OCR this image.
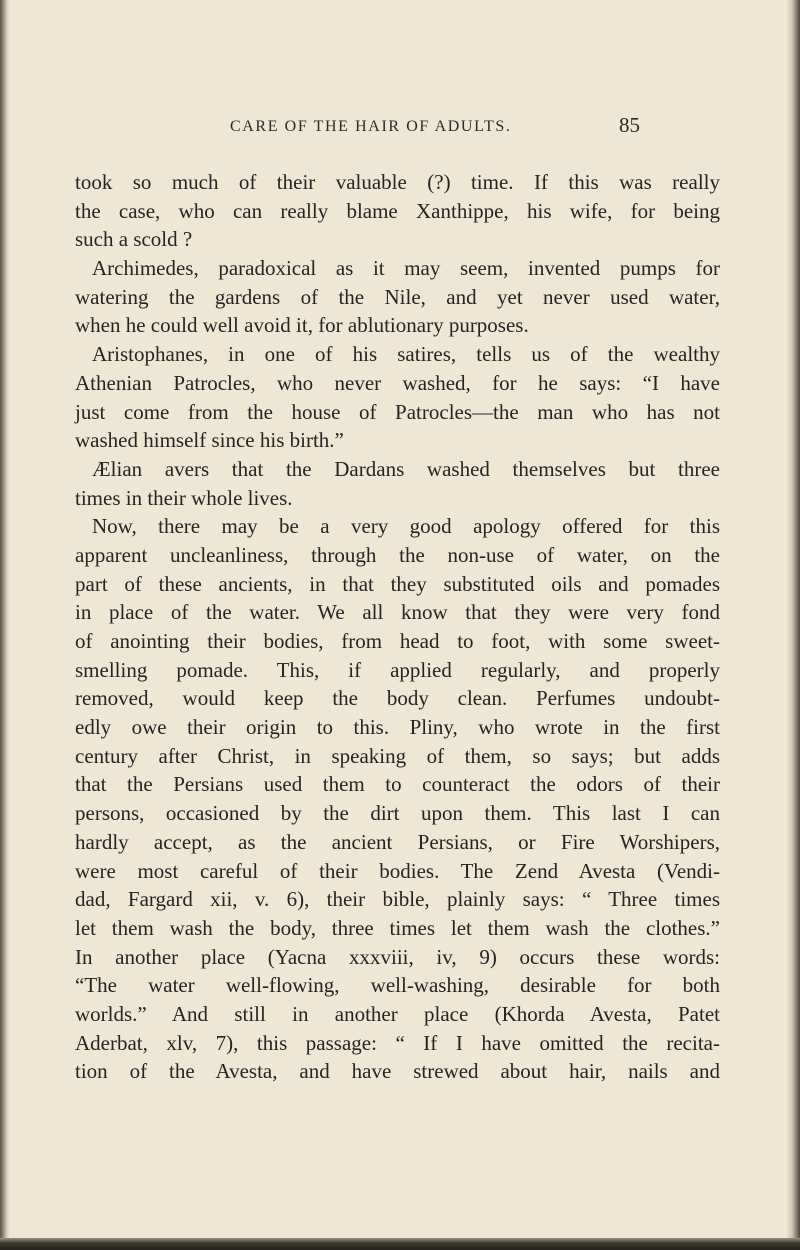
CARE OF THE HAIR OF ADULTS.	85
took so much of their valuable (?) time. If this was really
the case, who can really blame Xanthippe, his wife, for being
such a scold ?
Archimedes, paradoxical as it may seem, invented pumps for
watering the gardens of the Nile, and yet never used water,
when he could well avoid it, for ablutionary purposes.
Aristophanes, in one of his satires, tells us of the wealthy
Athenian Patrocles, who never washed, for he says: “I have
just come from the house of Patrocles—the man who has not
washed himself since his birth.”
Ælian avers that the Dardans washed themselves but three
times in their whole lives.
Now, there may be a very good apology offered for this
apparent uncleanliness, through the non-use of water, on the
part of these ancients, in that they substituted oils and pomades
in place of the water. We all know that they were very fond
of anointing their bodies, from head to foot, with some sweet-
smelling pomade. This, if applied regularly, and properly
removed, would keep the body clean. Perfumes undoubt-
edly owe their origin to this. Pliny, who wrote in the first
century after Christ, in speaking of them, so says; but adds
that the Persians used them to counteract the odors of their
persons, occasioned by the dirt upon them. This last I can
hardly accept, as the ancient Persians, or Fire Worshipers,
were most careful of their bodies. The Zend Avesta (Vendi-
dad, Fargard xii, v. 6), their bible, plainly says: “ Three times
let them wash the body, three times let them wash the clothes.”
In another place (Yacna xxxviii, iv, 9) occurs these words:
“The water well-flowing, well-washing, desirable for both
worlds.” And still in another place (Khorda Avesta, Patet
Aderbat, xlv, 7), this passage: “ If I have omitted the recita-
tion of the Avesta, and have strewed about hair, nails and
